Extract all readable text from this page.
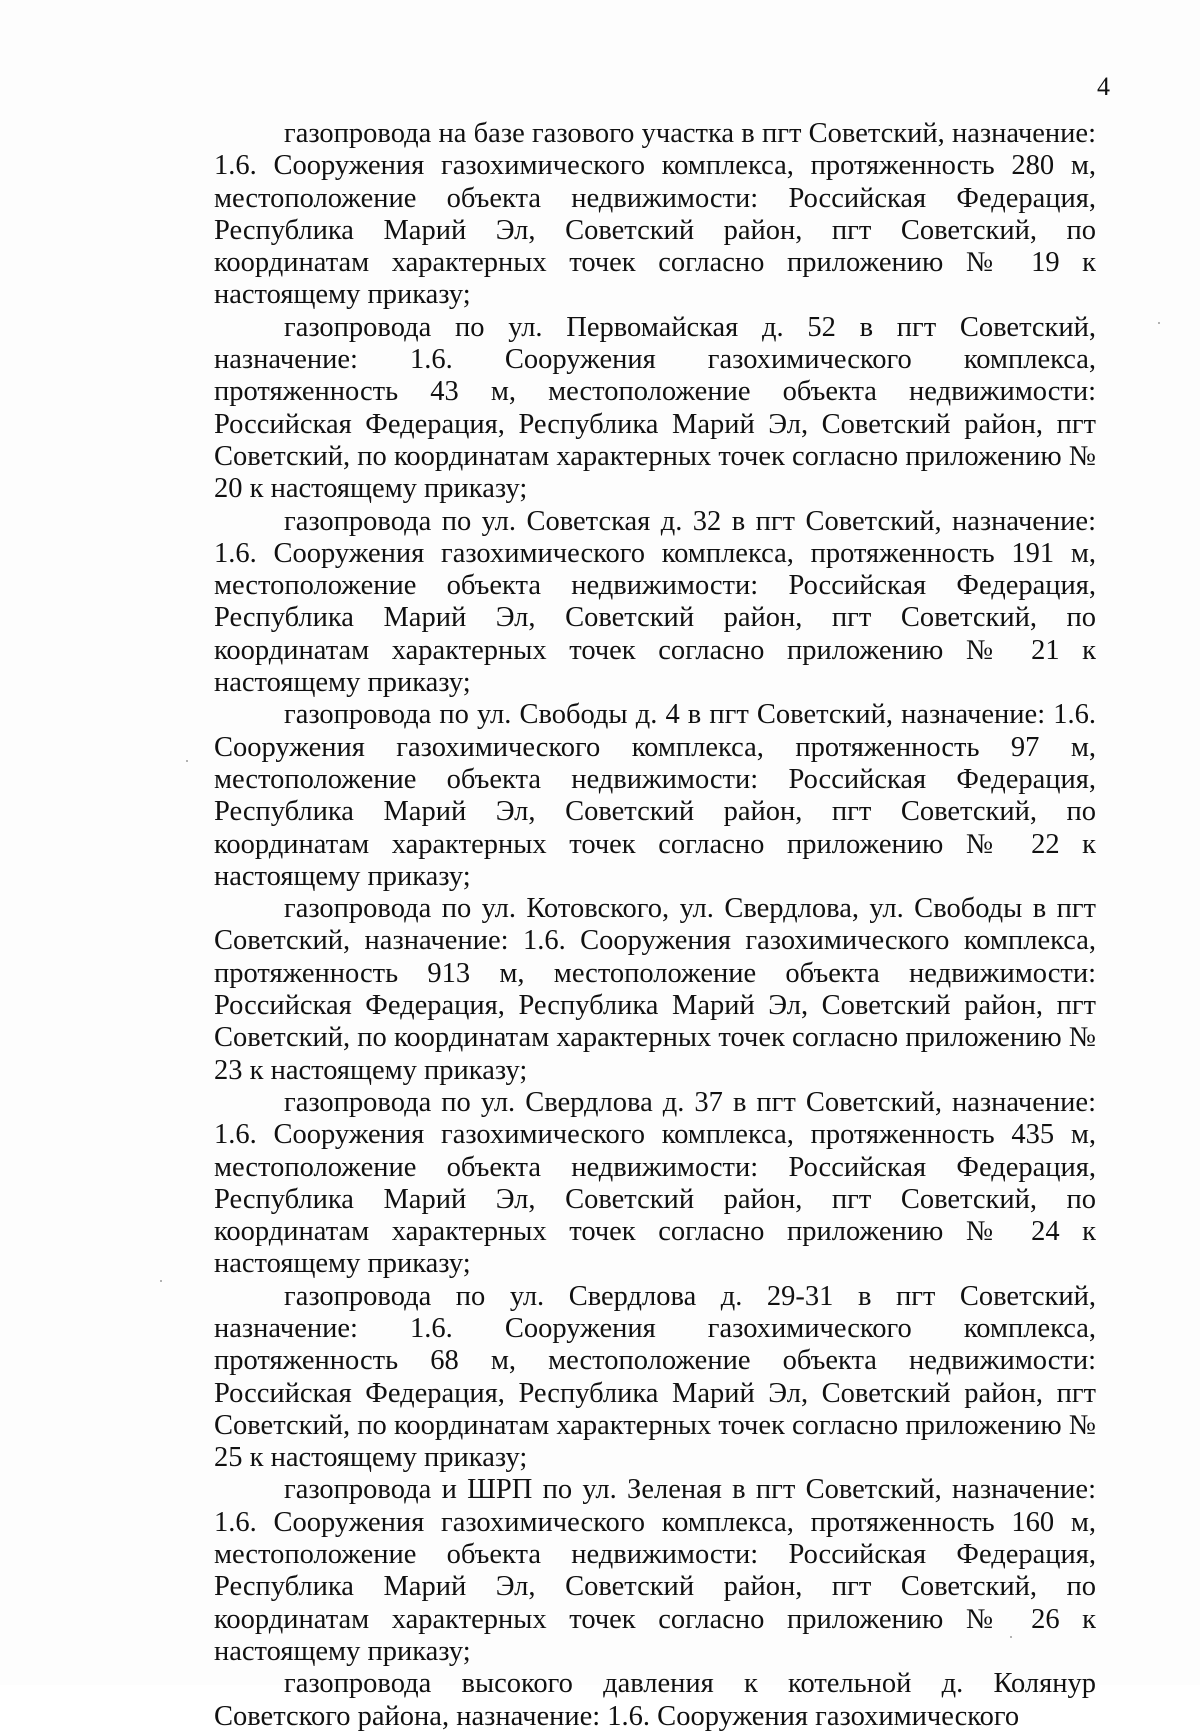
4

газопровода на базе газового участка в пгт Советский, назначение: 1.6. Сооружения газохимического комплекса, протяженность 280 м, местоположение объекта недвижимости: Российская Федерация, Республика Марий Эл, Советский район, пгт Советский, по координатам характерных точек согласно приложению № 19 к настоящему приказу;

газопровода по ул. Первомайская д. 52 в пгт Советский, назначение: 1.6. Сооружения газохимического комплекса, протяженность 43 м, местоположение объекта недвижимости: Российская Федерация, Республика Марий Эл, Советский район, пгт Советский, по координатам характерных точек согласно приложению № 20 к настоящему приказу;

газопровода по ул. Советская д. 32 в пгт Советский, назначение: 1.6. Сооружения газохимического комплекса, протяженность 191 м, местоположение объекта недвижимости: Российская Федерация, Республика Марий Эл, Советский район, пгт Советский, по координатам характерных точек согласно приложению № 21 к настоящему приказу;

газопровода по ул. Свободы д. 4 в пгт Советский, назначение: 1.6. Сооружения газохимического комплекса, протяженность 97 м, местоположение объекта недвижимости: Российская Федерация, Республика Марий Эл, Советский район, пгт Советский, по координатам характерных точек согласно приложению № 22 к настоящему приказу;

газопровода по ул. Котовского, ул. Свердлова, ул. Свободы в пгт Советский, назначение: 1.6. Сооружения газохимического комплекса, протяженность 913 м, местоположение объекта недвижимости: Российская Федерация, Республика Марий Эл, Советский район, пгт Советский, по координатам характерных точек согласно приложению № 23 к настоящему приказу;

газопровода по ул. Свердлова д. 37 в пгт Советский, назначение: 1.6. Сооружения газохимического комплекса, протяженность 435 м, местоположение объекта недвижимости: Российская Федерация, Республика Марий Эл, Советский район, пгт Советский, по координатам характерных точек согласно приложению № 24 к настоящему приказу;

газопровода по ул. Свердлова д. 29-31 в пгт Советский, назначение: 1.6. Сооружения газохимического комплекса, протяженность 68 м, местоположение объекта недвижимости: Российская Федерация, Республика Марий Эл, Советский район, пгт Советский, по координатам характерных точек согласно приложению № 25 к настоящему приказу;

газопровода и ШРП по ул. Зеленая в пгт Советский, назначение: 1.6. Сооружения газохимического комплекса, протяженность 160 м, местоположение объекта недвижимости: Российская Федерация, Республика Марий Эл, Советский район, пгт Советский, по координатам характерных точек согласно приложению № 26 к настоящему приказу;

газопровода высокого давления к котельной д. Колянур Советского района, назначение: 1.6. Сооружения газохимического
